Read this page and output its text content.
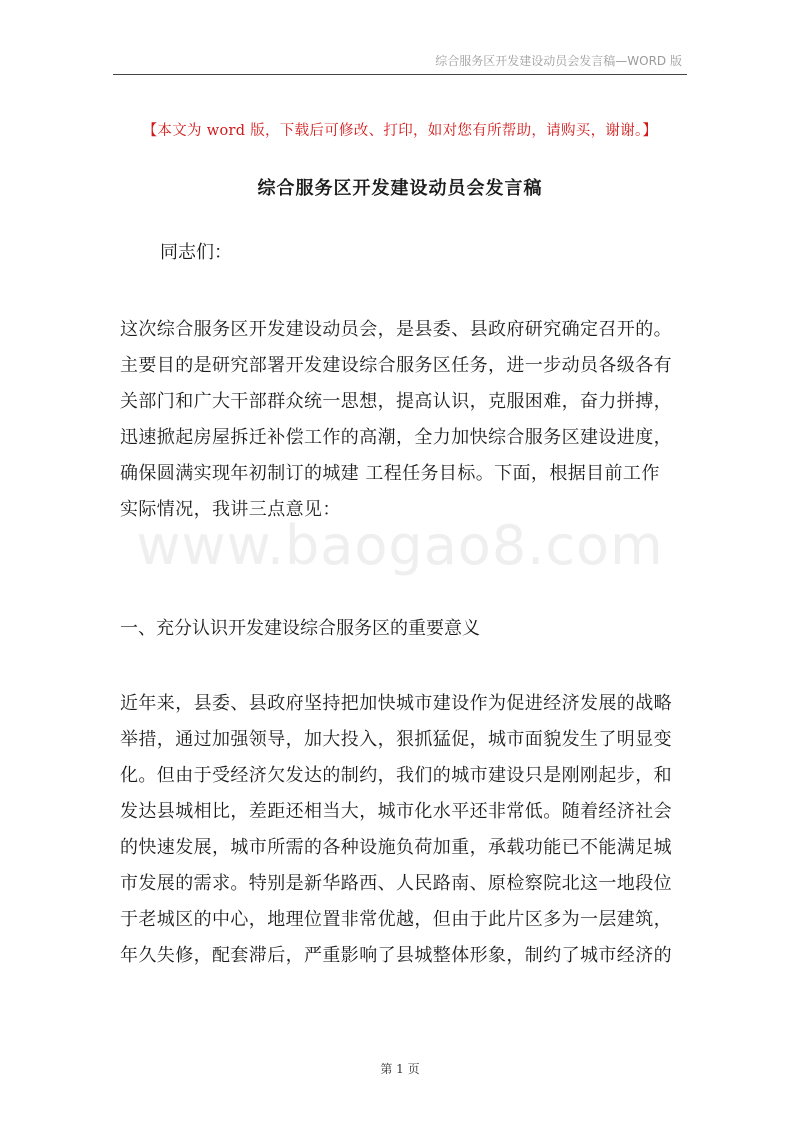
综合服务区开发建设动员会发言稿—WORD 版
【本文为 word 版，下载后可修改、打印，如对您有所帮助，请购买，谢谢。】
综合服务区开发建设动员会发言稿
同志们：
这次综合服务区开发建设动员会，是县委、县政府研究确定召开的。
主要目的是研究部署开发建设综合服务区任务，进一步动员各级各有
关部门和广大干部群众统一思想，提高认识，克服困难，奋力拼搏，
迅速掀起房屋拆迁补偿工作的高潮，全力加快综合服务区建设进度，
确保圆满实现年初制订的城建 工程任务目标。下面，根据目前工作
实际情况，我讲三点意见：
一、充分认识开发建设综合服务区的重要意义
近年来，县委、县政府坚持把加快城市建设作为促进经济发展的战略
举措，通过加强领导，加大投入，狠抓猛促，城市面貌发生了明显变
化。但由于受经济欠发达的制约，我们的城市建设只是刚刚起步，和
发达县城相比，差距还相当大，城市化水平还非常低。随着经济社会
的快速发展，城市所需的各种设施负荷加重，承载功能已不能满足城
市发展的需求。特别是新华路西、人民路南、原检察院北这一地段位
于老城区的中心，地理位置非常优越，但由于此片区多为一层建筑，
年久失修，配套滞后，严重影响了县城整体形象，制约了城市经济的
www.baogao8.com
第 1 页
